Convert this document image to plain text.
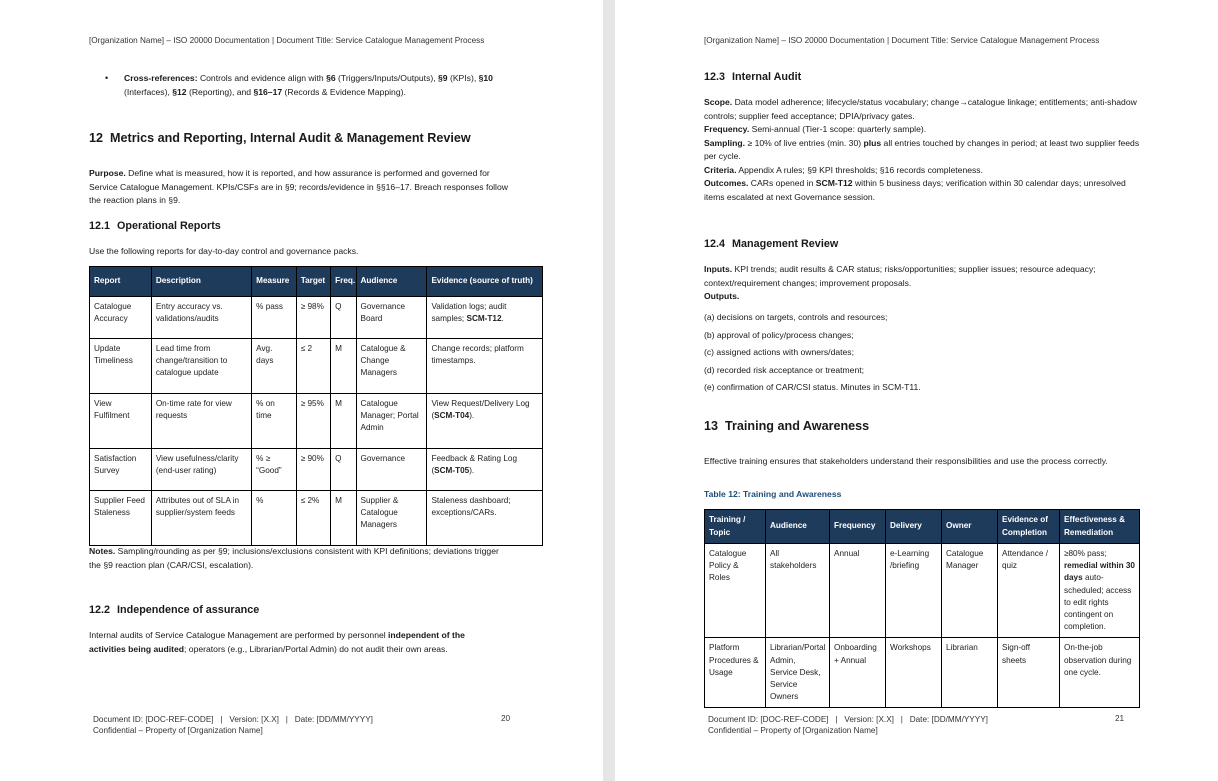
[Organization Name] – ISO 20000 Documentation | Document Title: Service Catalogue Management Process
• Cross-references: Controls and evidence align with §6 (Triggers/Inputs/Outputs), §9 (KPIs), §10 (Interfaces), §12 (Reporting), and §16–17 (Records & Evidence Mapping).
12 Metrics and Reporting, Internal Audit & Management Review
Purpose. Define what is measured, how it is reported, and how assurance is performed and governed for Service Catalogue Management. KPIs/CSFs are in §9; records/evidence in §§16–17. Breach responses follow the reaction plans in §9.
12.1 Operational Reports
Use the following reports for day-to-day control and governance packs.
Report	Description	Measure	Target	Freq.	Audience	Evidence (source of truth)
Catalogue Accuracy	Entry accuracy vs. validations/audits	% pass	≥ 98%	Q	Governance Board	Validation logs; audit samples; SCM-T12.
Update Timeliness	Lead time from change/transition to catalogue update	Avg. days	≤ 2	M	Catalogue & Change Managers	Change records; platform timestamps.
View Fulfilment	On-time rate for view requests	% on time	≥ 95%	M	Catalogue Manager; Portal Admin	View Request/Delivery Log (SCM-T04).
Satisfaction Survey	View usefulness/clarity (end-user rating)	% ≥ “Good”	≥ 90%	Q	Governance	Feedback & Rating Log (SCM-T05).
Supplier Feed Staleness	Attributes out of SLA in supplier/system feeds	%	≤ 2%	M	Supplier & Catalogue Managers	Staleness dashboard; exceptions/CARs.
Notes. Sampling/rounding as per §9; inclusions/exclusions consistent with KPI definitions; deviations trigger the §9 reaction plan (CAR/CSI, escalation).
12.2 Independence of assurance
Internal audits of Service Catalogue Management are performed by personnel independent of the activities being audited; operators (e.g., Librarian/Portal Admin) do not audit their own areas.
Document ID: [DOC-REF-CODE]   |   Version: [X.X]   |   Date: [DD/MM/YYYY]
Confidential – Property of [Organization Name]
20
[Organization Name] – ISO 20000 Documentation | Document Title: Service Catalogue Management Process
12.3 Internal Audit
Scope. Data model adherence; lifecycle/status vocabulary; change→catalogue linkage; entitlements; anti-shadow controls; supplier feed acceptance; DPIA/privacy gates.
Frequency. Semi-annual (Tier-1 scope: quarterly sample).
Sampling. ≥ 10% of live entries (min. 30) plus all entries touched by changes in period; at least two supplier feeds per cycle.
Criteria. Appendix A rules; §9 KPI thresholds; §16 records completeness.
Outcomes. CARs opened in SCM-T12 within 5 business days; verification within 30 calendar days; unresolved items escalated at next Governance session.
12.4 Management Review
Inputs. KPI trends; audit results & CAR status; risks/opportunities; supplier issues; resource adequacy; context/requirement changes; improvement proposals.
Outputs.
(a) decisions on targets, controls and resources;
(b) approval of policy/process changes;
(c) assigned actions with owners/dates;
(d) recorded risk acceptance or treatment;
(e) confirmation of CAR/CSI status. Minutes in SCM-T11.
13 Training and Awareness
Effective training ensures that stakeholders understand their responsibilities and use the process correctly.
Table 12: Training and Awareness
Training / Topic	Audience	Frequency	Delivery	Owner	Evidence of Completion	Effectiveness & Remediation
Catalogue Policy & Roles	All stakeholders	Annual	e-Learning /briefing	Catalogue Manager	Attendance / quiz	≥80% pass; remedial within 30 days auto-scheduled; access to edit rights contingent on completion.
Platform Procedures & Usage	Librarian/Portal Admin, Service Desk, Service Owners	Onboarding + Annual	Workshops	Librarian	Sign-off sheets	On-the-job observation during one cycle.
Document ID: [DOC-REF-CODE]   |   Version: [X.X]   |   Date: [DD/MM/YYYY]
Confidential – Property of [Organization Name]
21
